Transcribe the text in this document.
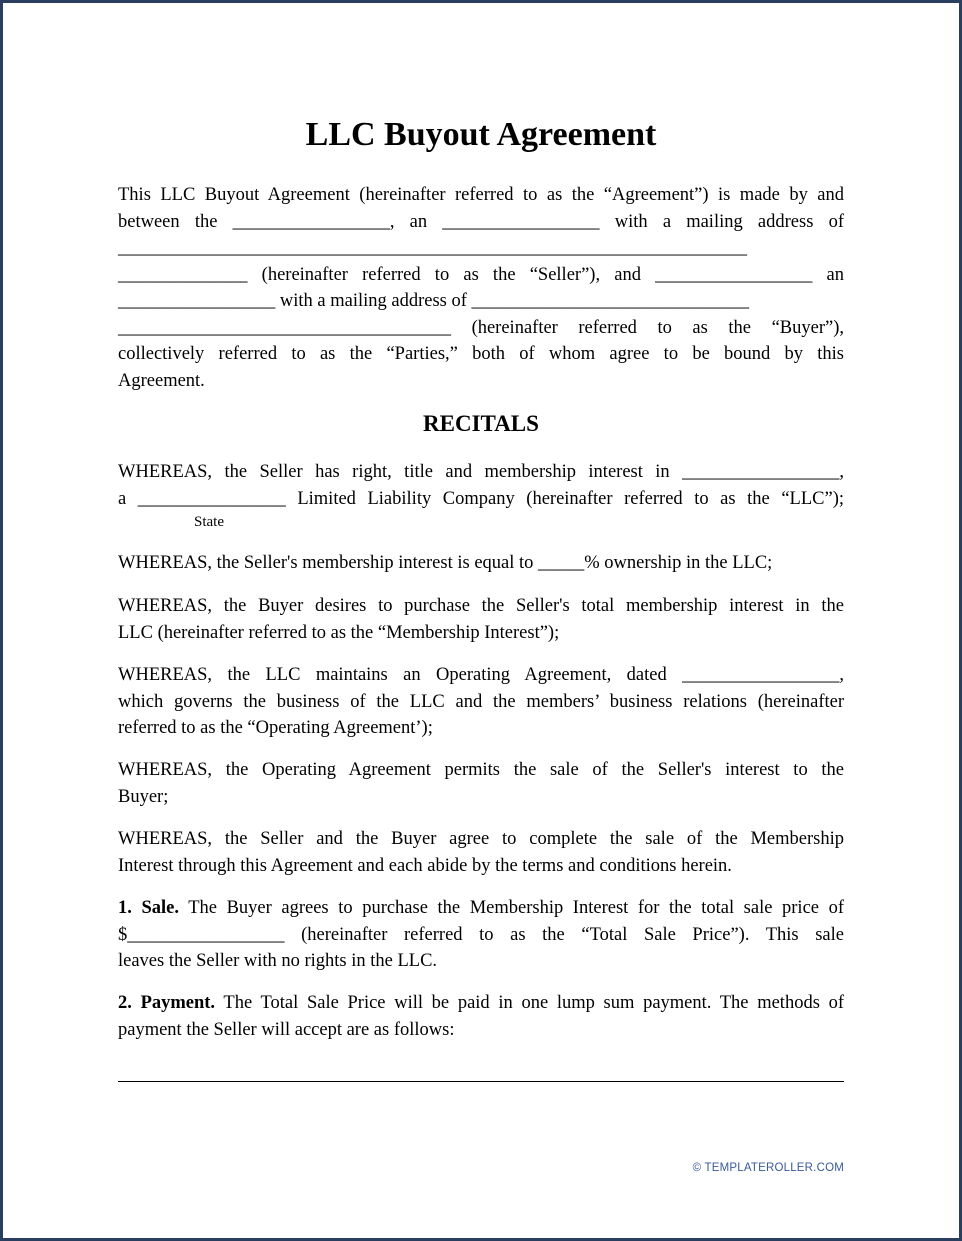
LLC Buyout Agreement
This LLC Buyout Agreement (hereinafter referred to as the “Agreement”) is made by and
between the _________________, an _________________ with a mailing address of
____________________________________________________________________
______________ (hereinafter referred to as the “Seller”), and _________________ an
_________________ with a mailing address of ______________________________
____________________________________ (hereinafter referred to as the “Buyer”),
collectively referred to as the “Parties,” both of whom agree to be bound by this
Agreement.
RECITALS
WHEREAS, the Seller has right, title and membership interest in _________________,
a ________________ Limited Liability Company (hereinafter referred to as the “LLC”);
State
WHEREAS, the Seller's membership interest is equal to _____% ownership in the LLC;
WHEREAS, the Buyer desires to purchase the Seller's total membership interest in the
LLC (hereinafter referred to as the “Membership Interest”);
WHEREAS, the LLC maintains an Operating Agreement, dated _________________,
which governs the business of the LLC and the members’ business relations (hereinafter
referred to as the “Operating Agreement’);
WHEREAS, the Operating Agreement permits the sale of the Seller's interest to the
Buyer;
WHEREAS, the Seller and the Buyer agree to complete the sale of the Membership
Interest through this Agreement and each abide by the terms and conditions herein.
1. Sale. The Buyer agrees to purchase the Membership Interest for the total sale price of
$_________________ (hereinafter referred to as the “Total Sale Price”). This sale
leaves the Seller with no rights in the LLC.
2. Payment. The Total Sale Price will be paid in one lump sum payment. The methods of
payment the Seller will accept are as follows:
© TEMPLATEROLLER.COM
